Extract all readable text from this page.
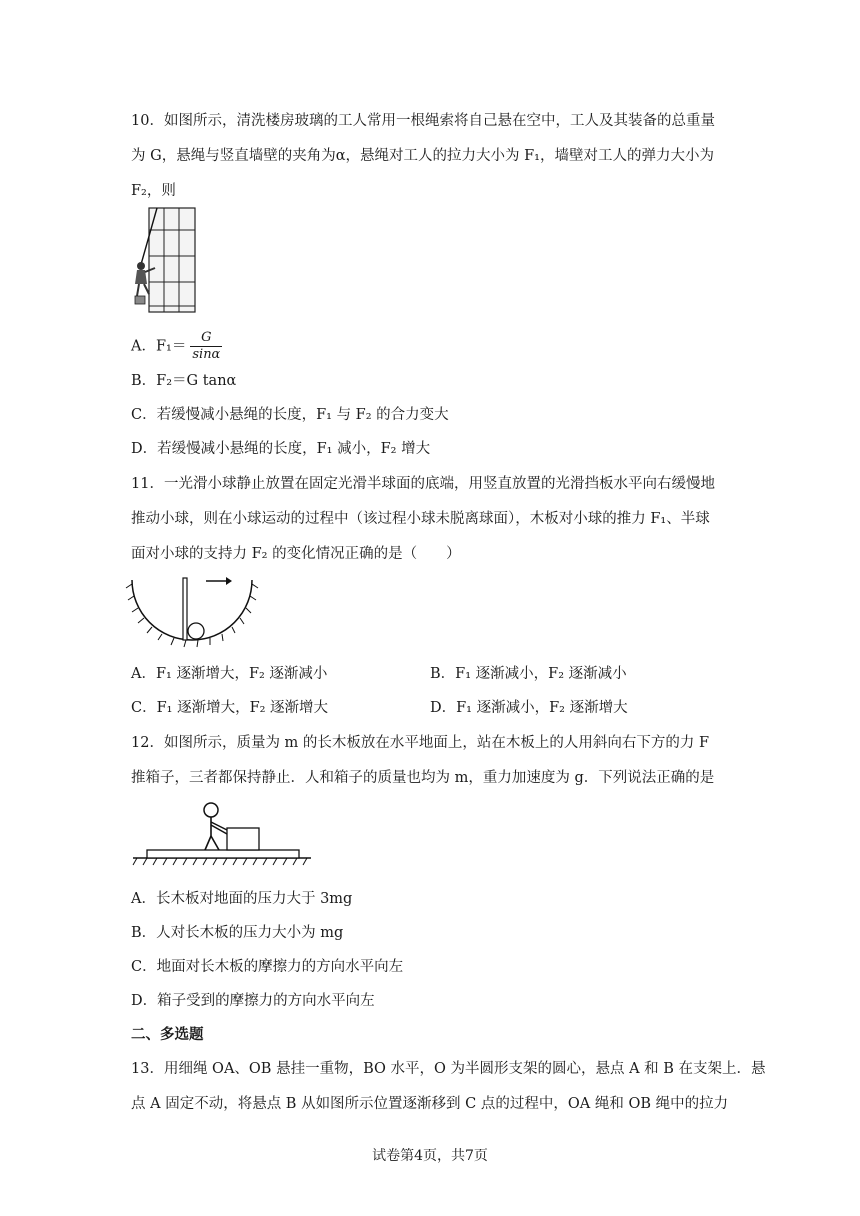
10．如图所示，清洗楼房玻璃的工人常用一根绳索将自己悬在空中，工人及其装备的总重量
为 G，悬绳与竖直墙壁的夹角为α，悬绳对工人的拉力大小为 F₁，墙壁对工人的弹力大小为
F₂，则
A．$F_1= \frac{G}{\sin\alpha}$
B．F₂＝G tanα
C．若缓慢减小悬绳的长度，F₁ 与 F₂ 的合力变大
D．若缓慢减小悬绳的长度，F₁ 减小，F₂ 增大
11．一光滑小球静止放置在固定光滑半球面的底端，用竖直放置的光滑挡板水平向右缓慢地
推动小球，则在小球运动的过程中（该过程小球未脱离球面），木板对小球的推力 F₁、半球
面对小球的支持力 F₂ 的变化情况正确的是（　　）
A．F₁ 逐渐增大，F₂ 逐渐减小	B．F₁ 逐渐减小，F₂ 逐渐减小
C．F₁ 逐渐增大，F₂ 逐渐增大	D．F₁ 逐渐减小，F₂ 逐渐增大
12．如图所示，质量为 m 的长木板放在水平地面上，站在木板上的人用斜向右下方的力 F
推箱子，三者都保持静止．人和箱子的质量也均为 m，重力加速度为 g．下列说法正确的是
A．长木板对地面的压力大于 3mg
B．人对长木板的压力大小为 mg
C．地面对长木板的摩擦力的方向水平向左
D．箱子受到的摩擦力的方向水平向左
二、多选题
13．用细绳 OA、OB 悬挂一重物，BO 水平，O 为半圆形支架的圆心，悬点 A 和 B 在支架上．悬
点 A 固定不动，将悬点 B 从如图所示位置逐渐移到 C 点的过程中，OA 绳和 OB 绳中的拉力
试卷第4页，共7页
